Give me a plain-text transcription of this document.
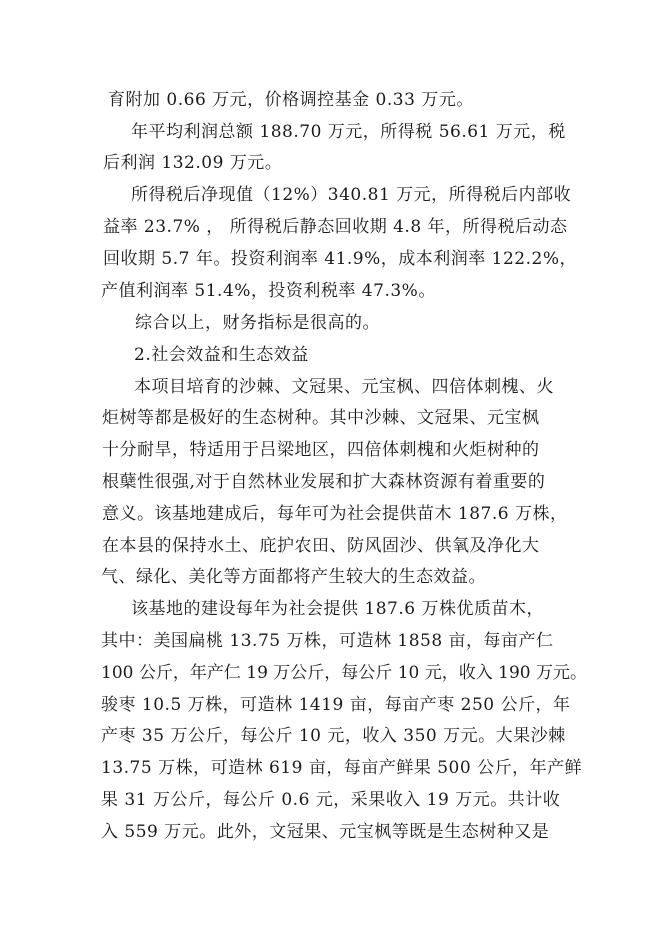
育附加 0.66 万元，价格调控基金 0.33 万元。
年平均利润总额 188.70 万元，所得税 56.61 万元，税
后利润 132.09 万元。
所得税后净现值（12%）340.81 万元，所得税后内部收
益率 23.7% ， 所得税后静态回收期 4.8 年，所得税后动态
回收期 5.7 年。投资利润率 41.9%，成本利润率 122.2%，
产值利润率 51.4%，投资利税率 47.3%。
综合以上，财务指标是很高的。
2.社会效益和生态效益
本项目培育的沙棘、文冠果、元宝枫、四倍体刺槐、火
炬树等都是极好的生态树种。其中沙棘、文冠果、元宝枫
十分耐旱，特适用于吕梁地区，四倍体刺槐和火炬树种的
根蘖性很强,对于自然林业发展和扩大森林资源有着重要的
意义。该基地建成后，每年可为社会提供苗木 187.6 万株，
在本县的保持水土、庇护农田、防风固沙、供氧及净化大
气、绿化、美化等方面都将产生较大的生态效益。
该基地的建设每年为社会提供 187.6 万株优质苗木，
其中：美国扁桃 13.75 万株，可造林 1858 亩，每亩产仁
100 公斤，年产仁 19 万公斤，每公斤 10 元，收入 190 万元。
骏枣 10.5 万株，可造林 1419 亩，每亩产枣 250 公斤，年
产枣 35 万公斤，每公斤 10 元，收入 350 万元。大果沙棘
13.75 万株，可造林 619 亩，每亩产鲜果 500 公斤，年产鲜
果 31 万公斤，每公斤 0.6 元，采果收入 19 万元。共计收
入 559 万元。此外，文冠果、元宝枫等既是生态树种又是
